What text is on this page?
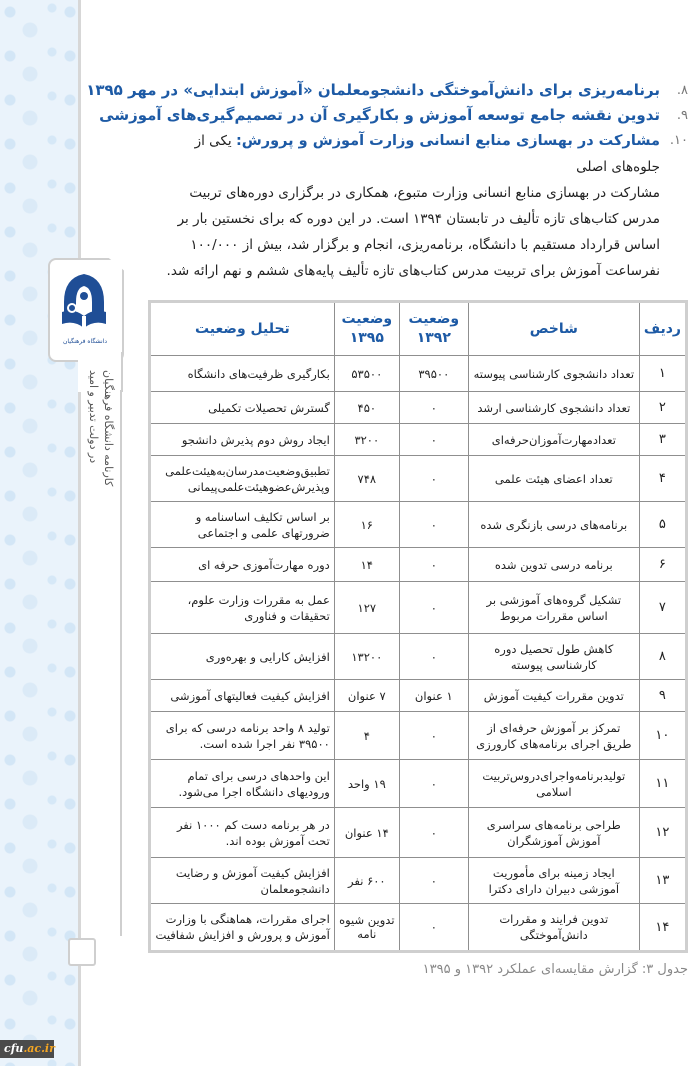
دانشگاه فرهنگیان
کارنامه دانشگاه فرهنگیان
در دولت تدبیر و امید
cfu.ac.ir
۸.
برنامه‌ریزی برای دانش‌آموختگی دانشجومعلمان «آموزش ابتدایی» در مهر ۱۳۹۵
۹.
تدوین نقشه جامع توسعه آموزش و بکارگیری آن در تصمیم‌گیری‌های آموزشی
۱۰.
مشارکت در بهسازی منابع انسانی وزارت آموزش و پرورش: یکی از جلوه‌های اصلی
مشارکت در بهسازی منابع انسانی وزارت متبوع، همکاری در برگزاری دوره‌های تربیت مدرس کتاب‌های تازه تألیف در تابستان ۱۳۹۴ است. در این دوره که برای نخستین بار بر اساس قرارداد مستقیم با دانشگاه، برنامه‌ریزی، انجام و برگزار شد، بیش از ۱۰۰/۰۰۰ نفرساعت آموزش برای تربیت مدرس کتاب‌های تازه تألیف پایه‌های ششم و نهم ارائه شد.
ردیف	شاخص	وضعیت ۱۳۹۲	وضعیت ۱۳۹۵	تحلیل وضعیت
۱	تعداد دانشجوی کارشناسی پیوسته	۳۹۵۰۰	۵۳۵۰۰	بکارگیری ظرفیت‌های دانشگاه
۲	تعداد دانشجوی کارشناسی ارشد	۰	۴۵۰	گسترش تحصیلات تکمیلی
۳	تعدادمهارت‌آموزان‌حرفه‌ای	۰	۳۲۰۰	ایجاد روش دوم پذیرش دانشجو
۴	تعداد اعضای هیئت علمی	۰	۷۴۸	تطبیق‌وضعیت‌مدرسان‌به‌هیئت‌علمی وپذیرش‌عضوهیئت‌علمی‌پیمانی
۵	برنامه‌های درسی بازنگری شده	۰	۱۶	بر اساس تکلیف اساسنامه و ضرورتهای علمی و اجتماعی
۶	برنامه درسی تدوین شده	۰	۱۴	دوره مهارت‌آموزی حرفه ای
۷	تشکیل گروه‌های آموزشی بر اساس مقررات مربوط	۰	۱۲۷	عمل به مقررات وزارت علوم، تحقیقات و فناوری
۸	کاهش طول تحصیل دوره کارشناسی پیوسته	۰	۱۳۲۰۰	افزایش کارایی و بهره‌وری
۹	تدوین مقررات کیفیت آموزش	۱ عنوان	۷ عنوان	افزایش کیفیت فعالیتهای آموزشی
۱۰	تمرکز بر آموزش حرفه‌ای از طریق اجرای برنامه‌های کارورزی	۰	۴	تولید ۸ واحد برنامه درسی که برای ۳۹۵۰۰ نفر اجرا شده است.
۱۱	تولیدبرنامه‌واجرای‌دروس‌تربیت اسلامی	۰	۱۹ واحد	این واحدهای درسی برای تمام ورودیهای دانشگاه اجرا می‌شود.
۱۲	طراحی برنامه‌های سراسری آموزش آموزشگران	۰	۱۴ عنوان	در هر برنامه دست کم ۱۰۰۰ نفر تحت آموزش بوده اند.
۱۳	ایجاد زمینه برای مأموریت آموزشی دبیران دارای دکترا	۰	۶۰۰ نفر	افزایش کیفیت آموزش و رضایت دانشجومعلمان
۱۴	تدوین فرایند و مقررات دانش‌آموختگی	۰	تدوین شیوه نامه	اجرای مقررات، هماهنگی با وزارت آموزش و پرورش و افزایش شفافیت
جدول ۳: گزارش مقایسه‌ای عملکرد ۱۳۹۲ و ۱۳۹۵
